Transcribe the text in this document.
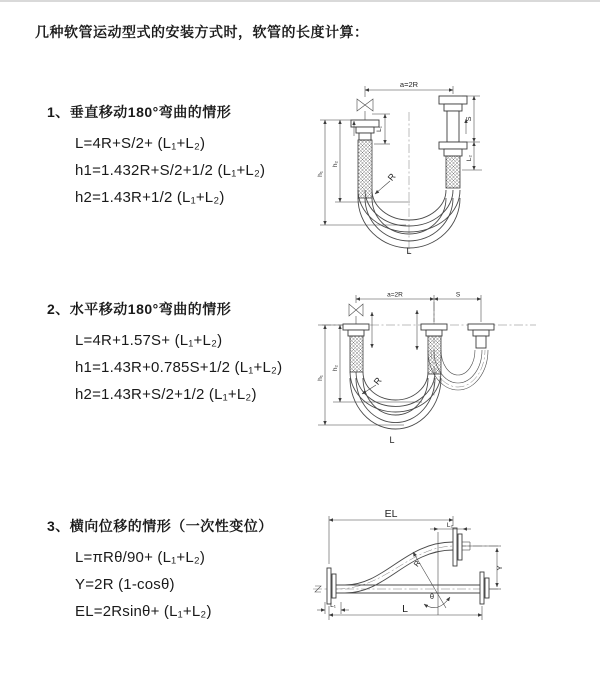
几种软管运动型式的安装方式时，软管的长度计算：
1、垂直移动180°弯曲的情形
L=4R+S/2+ (L₁+L₂)
h1=1.432R+S/2+1/2 (L₁+L₂)
h2=1.43R+1/2 (L₁+L₂)
2、水平移动180°弯曲的情形
L=4R+1.57S+ (L₁+L₂)
h1=1.43R+0.785S+1/2 (L₁+L₂)
h2=1.43R+S/2+1/2 (L₁+L₂)
3、横向位移的情形（一次性变位）
L=πRθ/90+ (L₁+L₂)
Y=2R (1-cosθ)
EL=2Rsinθ+ (L₁+L₂)
a=2R
L₁
S
L₂
h₁
h₂
R
L
a=2R	S
h₁
h₂
R
L
θ
R
EL
L₂
Y
L
L₁
